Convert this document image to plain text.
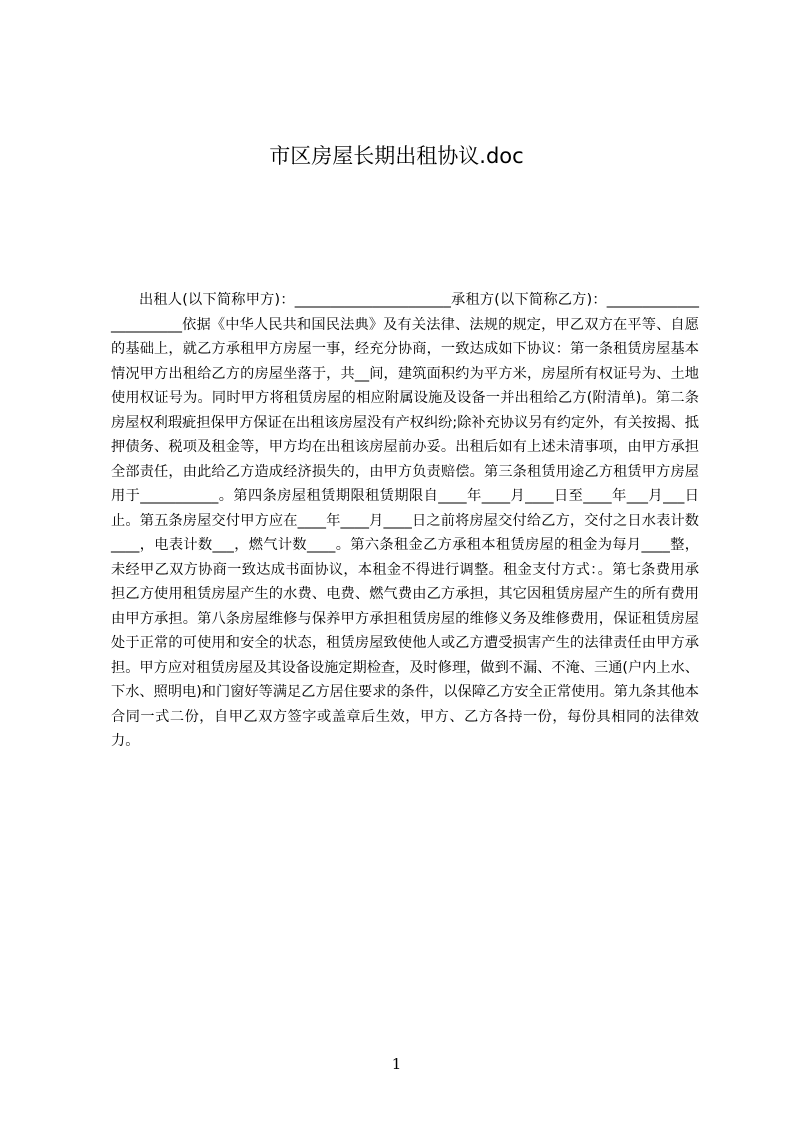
市区房屋长期出租协议.doc

出租人(以下简称甲方)：______________________承租方(以下简称乙方)：_______________________依据《中华人民共和国民法典》及有关法律、法规的规定，甲乙双方在平等、自愿的基础上，就乙方承租甲方房屋一事，经充分协商，一致达成如下协议：第一条租赁房屋基本情况甲方出租给乙方的房屋坐落于，共__间，建筑面积约为平方米，房屋所有权证号为、土地使用权证号为。同时甲方将租赁房屋的相应附属设施及设备一并出租给乙方(附清单)。第二条房屋权利瑕疵担保甲方保证在出租该房屋没有产权纠纷;除补充协议另有约定外，有关按揭、抵押债务、税项及租金等，甲方均在出租该房屋前办妥。出租后如有上述未清事项，由甲方承担全部责任，由此给乙方造成经济损失的，由甲方负责赔偿。第三条租赁用途乙方租赁甲方房屋用于___________。第四条房屋租赁期限租赁期限自____年____月____日至____年___月___日止。第五条房屋交付甲方应在____年____月____日之前将房屋交付给乙方，交付之日水表计数____，电表计数___，燃气计数____。第六条租金乙方承租本租赁房屋的租金为每月____整，未经甲乙双方协商一致达成书面协议，本租金不得进行调整。租金支付方式：。第七条费用承担乙方使用租赁房屋产生的水费、电费、燃气费由乙方承担，其它因租赁房屋产生的所有费用由甲方承担。第八条房屋维修与保养甲方承担租赁房屋的维修义务及维修费用，保证租赁房屋处于正常的可使用和安全的状态，租赁房屋致使他人或乙方遭受损害产生的法律责任由甲方承担。甲方应对租赁房屋及其设备设施定期检查，及时修理，做到不漏、不淹、三通(户内上水、下水、照明电)和门窗好等满足乙方居住要求的条件，以保障乙方安全正常使用。第九条其他本合同一式二份，自甲乙双方签字或盖章后生效，甲方、乙方各持一份，每份具相同的法律效力。

1
